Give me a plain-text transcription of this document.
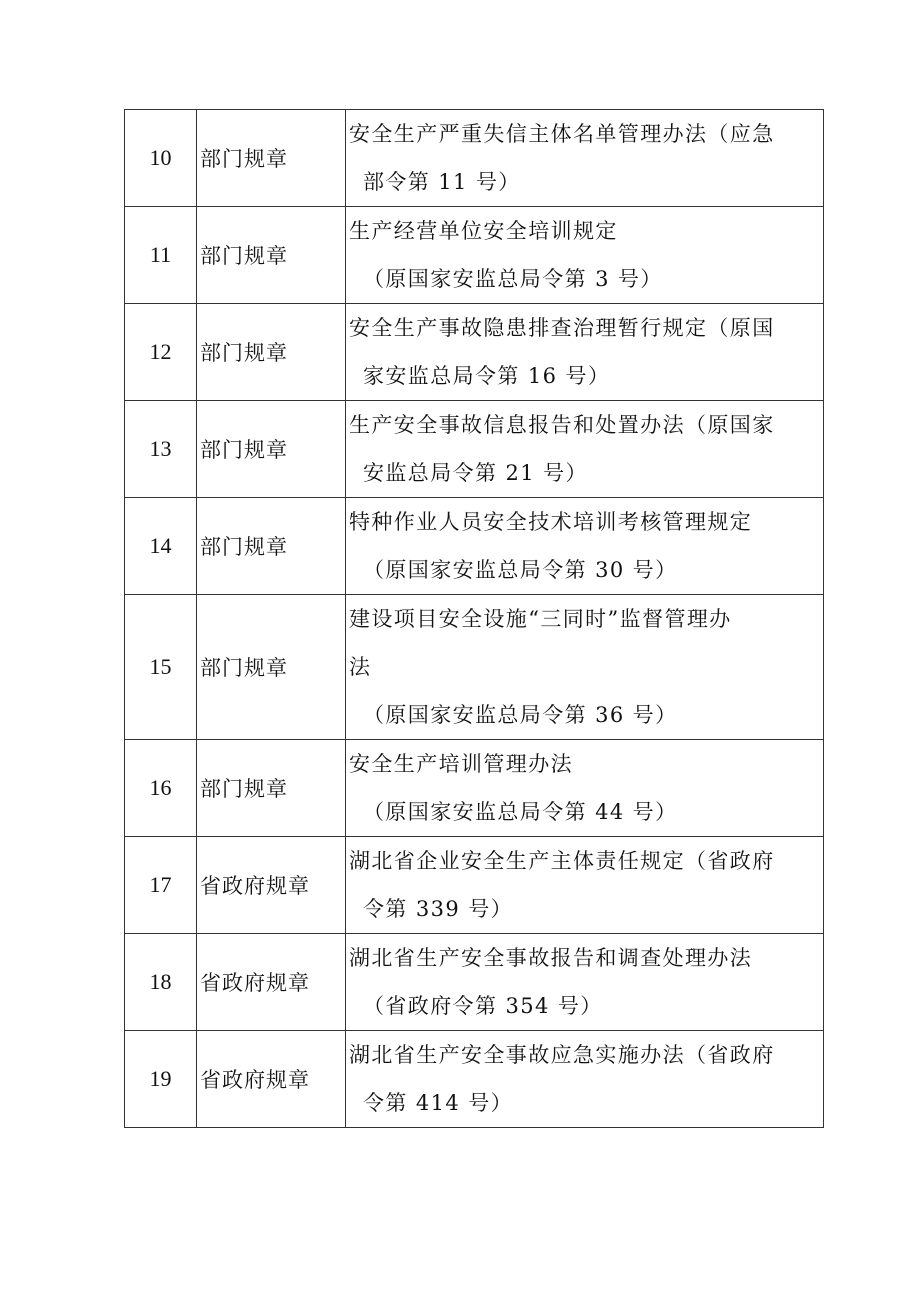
10	部门规章	安全生产严重失信主体名单管理办法（应急
部令第 11 号）

11	部门规章	生产经营单位安全培训规定
（原国家安监总局令第 3 号）

12	部门规章	安全生产事故隐患排查治理暂行规定（原国
家安监总局令第 16 号）

13	部门规章	生产安全事故信息报告和处置办法（原国家
安监总局令第 21 号）

14	部门规章	特种作业人员安全技术培训考核管理规定
（原国家安监总局令第 30 号）

15	部门规章	建设项目安全设施“三同时”监督管理办
法
（原国家安监总局令第 36 号）

16	部门规章	安全生产培训管理办法
（原国家安监总局令第 44 号）

17	省政府规章	湖北省企业安全生产主体责任规定（省政府
令第 339 号）

18	省政府规章	湖北省生产安全事故报告和调查处理办法
（省政府令第 354 号）

19	省政府规章	湖北省生产安全事故应急实施办法（省政府
令第 414 号）
